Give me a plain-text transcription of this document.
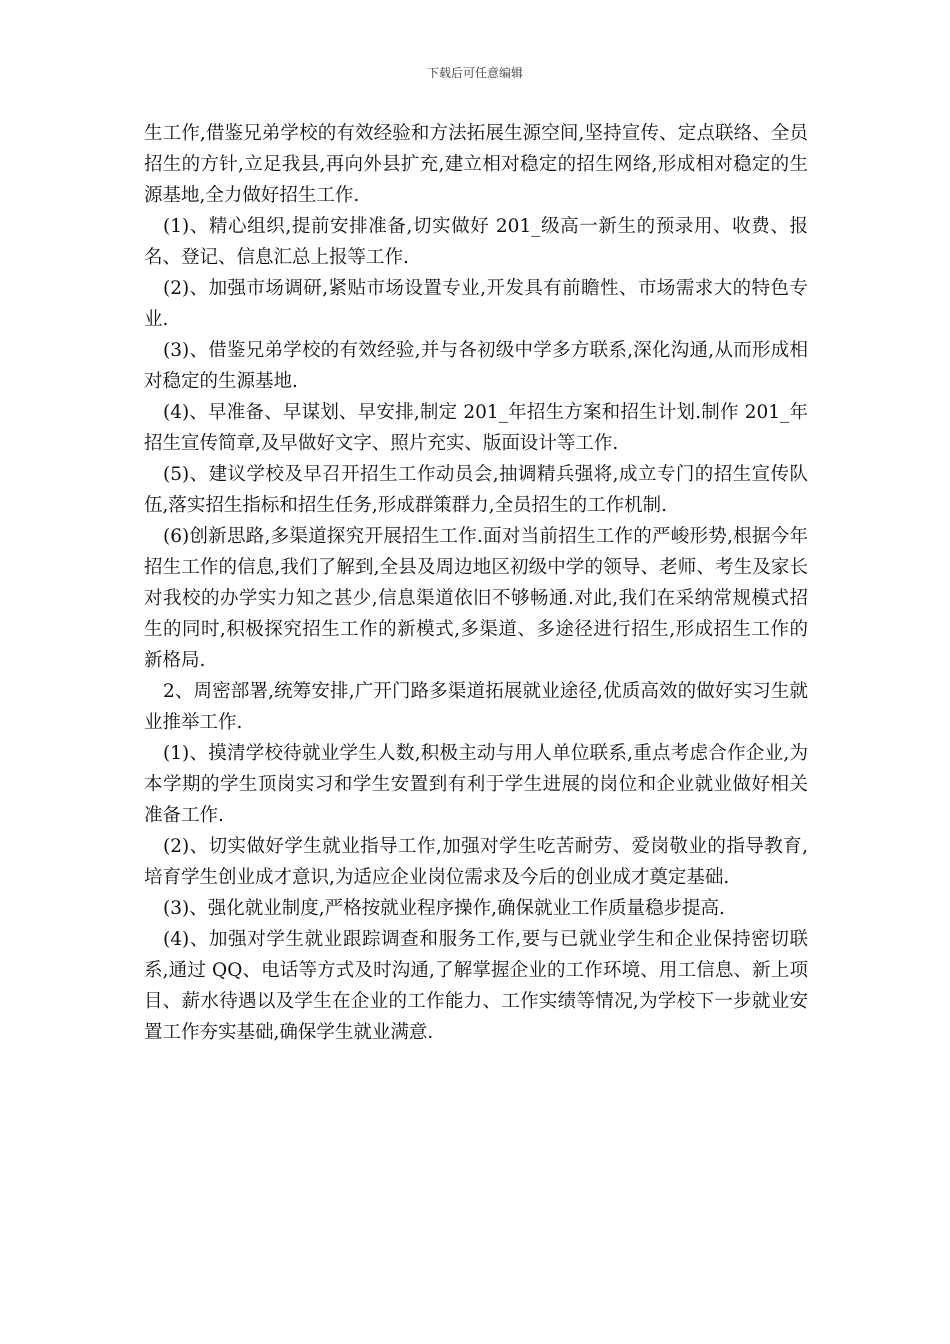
下载后可任意编辑

生工作,借鉴兄弟学校的有效经验和方法拓展生源空间,坚持宣传、定点联络、全员招生的方针,立足我县,再向外县扩充,建立相对稳定的招生网络,形成相对稳定的生源基地,全力做好招生工作.

(1)、精心组织,提前安排准备,切实做好 201_级高一新生的预录用、收费、报名、登记、信息汇总上报等工作.

(2)、加强市场调研,紧贴市场设置专业,开发具有前瞻性、市场需求大的特色专业.

(3)、借鉴兄弟学校的有效经验,并与各初级中学多方联系,深化沟通,从而形成相对稳定的生源基地.

(4)、早准备、早谋划、早安排,制定 201_年招生方案和招生计划.制作 201_年招生宣传简章,及早做好文字、照片充实、版面设计等工作.

(5)、建议学校及早召开招生工作动员会,抽调精兵强将,成立专门的招生宣传队伍,落实招生指标和招生任务,形成群策群力,全员招生的工作机制.

(6)创新思路,多渠道探究开展招生工作.面对当前招生工作的严峻形势,根据今年招生工作的信息,我们了解到,全县及周边地区初级中学的领导、老师、考生及家长对我校的办学实力知之甚少,信息渠道依旧不够畅通.对此,我们在采纳常规模式招生的同时,积极探究招生工作的新模式,多渠道、多途径进行招生,形成招生工作的新格局.

2、周密部署,统筹安排,广开门路多渠道拓展就业途径,优质高效的做好实习生就业推举工作.

(1)、摸清学校待就业学生人数,积极主动与用人单位联系,重点考虑合作企业,为本学期的学生顶岗实习和学生安置到有利于学生进展的岗位和企业就业做好相关准备工作.

(2)、切实做好学生就业指导工作,加强对学生吃苦耐劳、爱岗敬业的指导教育,培育学生创业成才意识,为适应企业岗位需求及今后的创业成才奠定基础.

(3)、强化就业制度,严格按就业程序操作,确保就业工作质量稳步提高.

(4)、加强对学生就业跟踪调查和服务工作,要与已就业学生和企业保持密切联系,通过 QQ、电话等方式及时沟通,了解掌握企业的工作环境、用工信息、新上项目、薪水待遇以及学生在企业的工作能力、工作实绩等情况,为学校下一步就业安置工作夯实基础,确保学生就业满意.
